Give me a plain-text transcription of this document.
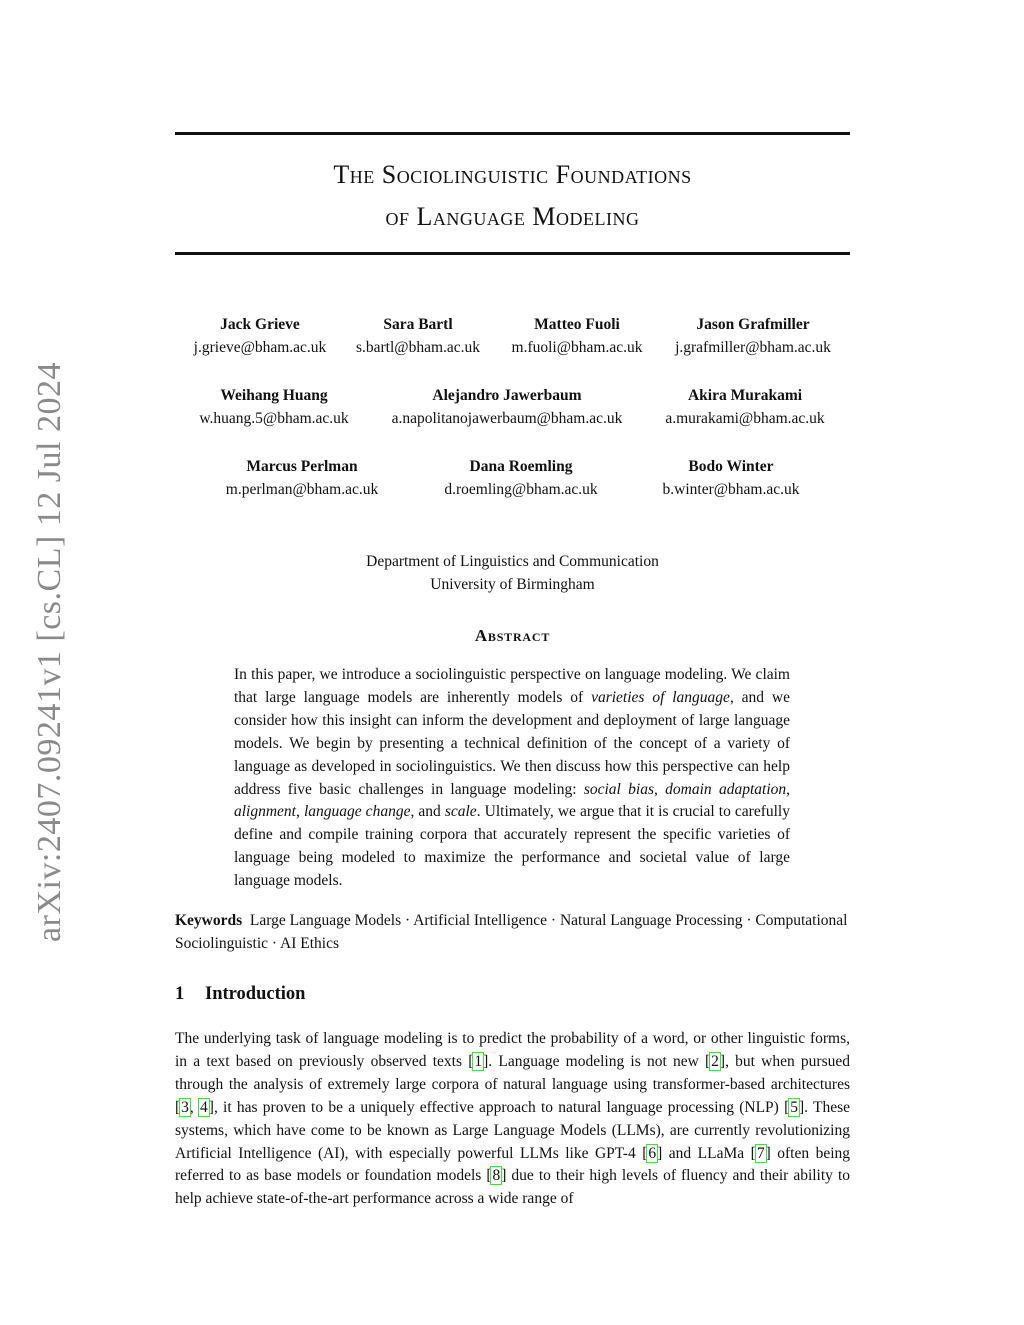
arXiv:2407.09241v1 [cs.CL] 12 Jul 2024
The Sociolinguistic Foundations
of Language Modeling
Jack Grieve
j.grieve@bham.ac.uk
Sara Bartl
s.bartl@bham.ac.uk
Matteo Fuoli
m.fuoli@bham.ac.uk
Jason Grafmiller
j.grafmiller@bham.ac.uk
Weihang Huang
w.huang.5@bham.ac.uk
Alejandro Jawerbaum
a.napolitanojawerbaum@bham.ac.uk
Akira Murakami
a.murakami@bham.ac.uk
Marcus Perlman
m.perlman@bham.ac.uk
Dana Roemling
d.roemling@bham.ac.uk
Bodo Winter
b.winter@bham.ac.uk
Department of Linguistics and Communication
University of Birmingham
Abstract
In this paper, we introduce a sociolinguistic perspective on language modeling. We claim that large language models are inherently models of varieties of language, and we consider how this insight can inform the development and deployment of large language models. We begin by presenting a technical definition of the concept of a variety of language as developed in sociolinguistics. We then discuss how this perspective can help address five basic challenges in language modeling: social bias, domain adaptation, alignment, language change, and scale. Ultimately, we argue that it is crucial to carefully define and compile training corpora that accurately represent the specific varieties of language being modeled to maximize the performance and societal value of large language models.
Keywords Large Language Models · Artificial Intelligence · Natural Language Processing · Computational Sociolinguistic · AI Ethics
1 Introduction
The underlying task of language modeling is to predict the probability of a word, or other linguistic forms, in a text based on previously observed texts [1]. Language modeling is not new [2], but when pursued through the analysis of extremely large corpora of natural language using transformer-based architectures [3, 4], it has proven to be a uniquely effective approach to natural language processing (NLP) [5]. These systems, which have come to be known as Large Language Models (LLMs), are currently revolutionizing Artificial Intelligence (AI), with especially powerful LLMs like GPT-4 [6] and LLaMa [7] often being referred to as base models or foundation models [8] due to their high levels of fluency and their ability to help achieve state-of-the-art performance across a wide range of
